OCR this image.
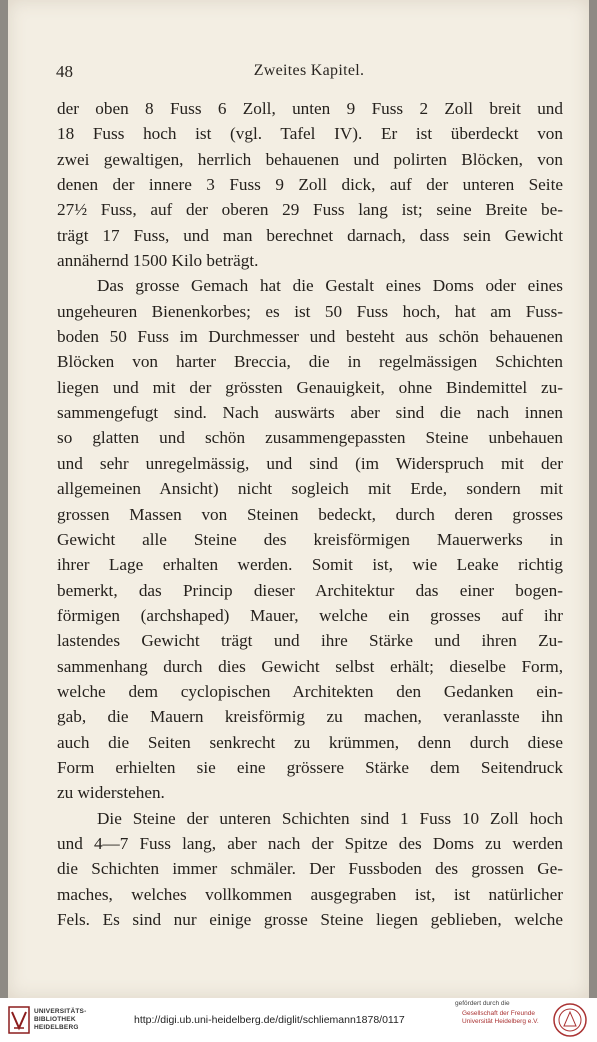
48	Zweites Kapitel.
der oben 8 Fuss 6 Zoll, unten 9 Fuss 2 Zoll breit und
18 Fuss hoch ist (vgl. Tafel IV). Er ist überdeckt von
zwei gewaltigen, herrlich behauenen und polirten Blöcken, von
denen der innere 3 Fuss 9 Zoll dick, auf der unteren Seite
27½ Fuss, auf der oberen 29 Fuss lang ist; seine Breite be-
trägt 17 Fuss, und man berechnet darnach, dass sein Gewicht
annähernd 1500 Kilo beträgt.
Das grosse Gemach hat die Gestalt eines Doms oder eines
ungeheuren Bienenkorbes; es ist 50 Fuss hoch, hat am Fuss-
boden 50 Fuss im Durchmesser und besteht aus schön behauenen
Blöcken von harter Breccia, die in regelmässigen Schichten
liegen und mit der grössten Genauigkeit, ohne Bindemittel zu-
sammengefugt sind. Nach auswärts aber sind die nach innen
so glatten und schön zusammengepassten Steine unbehauen
und sehr unregelmässig, und sind (im Widerspruch mit der
allgemeinen Ansicht) nicht sogleich mit Erde, sondern mit
grossen Massen von Steinen bedeckt, durch deren grosses
Gewicht alle Steine des kreisförmigen Mauerwerks in
ihrer Lage erhalten werden. Somit ist, wie Leake richtig
bemerkt, das Princip dieser Architektur das einer bogen-
förmigen (archshaped) Mauer, welche ein grosses auf ihr
lastendes Gewicht trägt und ihre Stärke und ihren Zu-
sammenhang durch dies Gewicht selbst erhält; dieselbe Form,
welche dem cyclopischen Architekten den Gedanken ein-
gab, die Mauern kreisförmig zu machen, veranlasste ihn
auch die Seiten senkrecht zu krümmen, denn durch diese
Form erhielten sie eine grössere Stärke dem Seitendruck
zu widerstehen.
Die Steine der unteren Schichten sind 1 Fuss 10 Zoll hoch
und 4—7 Fuss lang, aber nach der Spitze des Doms zu werden
die Schichten immer schmäler. Der Fussboden des grossen Ge-
maches, welches vollkommen ausgegraben ist, ist natürlicher
Fels. Es sind nur einige grosse Steine liegen geblieben, welche
UNIVERSITÄTS-
BIBLIOTHEK
HEIDELBERG
http://digi.ub.uni-heidelberg.de/diglit/schliemann1878/0117
gefördert durch die
Gesellschaft der Freunde
Universität Heidelberg e.V.
